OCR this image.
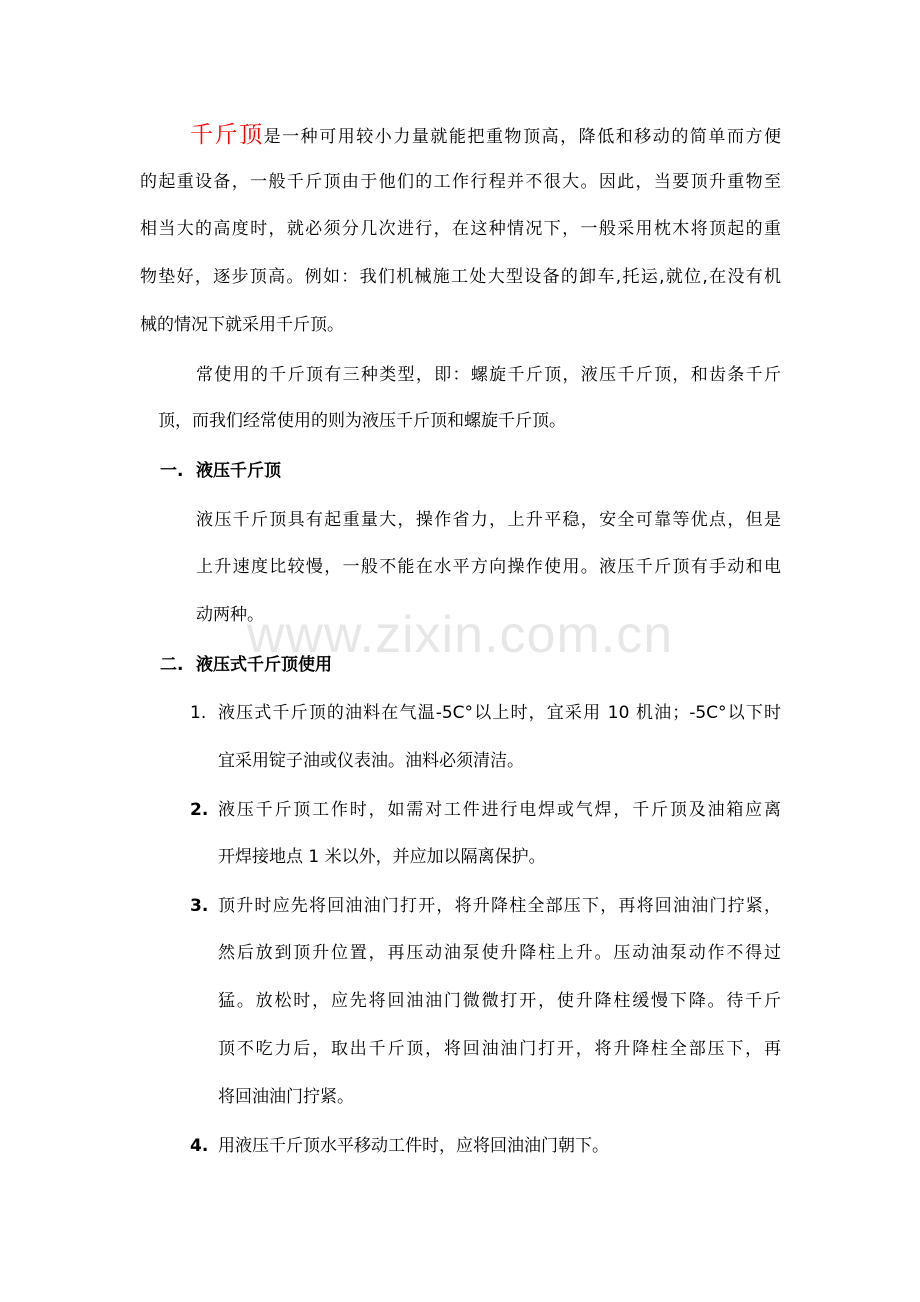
千斤顶是一种可用较小力量就能把重物顶高，降低和移动的简单而方便
的起重设备，一般千斤顶由于他们的工作行程并不很大。因此，当要顶升重物至
相当大的高度时，就必须分几次进行，在这种情况下，一般采用枕木将顶起的重
物垫好，逐步顶高。例如：我们机械施工处大型设备的卸车,托运,就位,在没有机
械的情况下就采用千斤顶。
常使用的千斤顶有三种类型，即：螺旋千斤顶，液压千斤顶，和齿条千斤
顶，而我们经常使用的则为液压千斤顶和螺旋千斤顶。
一. 液压千斤顶
液压千斤顶具有起重量大，操作省力，上升平稳，安全可靠等优点，但是
上升速度比较慢，一般不能在水平方向操作使用。液压千斤顶有手动和电
动两种。
二. 液压式千斤顶使用
1. 液压式千斤顶的油料在气温-5C°以上时，宜采用 10 机油；-5C°以下时
宜采用锭子油或仪表油。油料必须清洁。
2. 液压千斤顶工作时，如需对工件进行电焊或气焊，千斤顶及油箱应离
开焊接地点 1 米以外，并应加以隔离保护。
3. 顶升时应先将回油油门打开，将升降柱全部压下，再将回油油门拧紧，
然后放到顶升位置，再压动油泵使升降柱上升。压动油泵动作不得过
猛。放松时，应先将回油油门微微打开，使升降柱缓慢下降。待千斤
顶不吃力后，取出千斤顶，将回油油门打开，将升降柱全部压下，再
将回油油门拧紧。
4. 用液压千斤顶水平移动工件时，应将回油油门朝下。
www.zixin.com.cn
